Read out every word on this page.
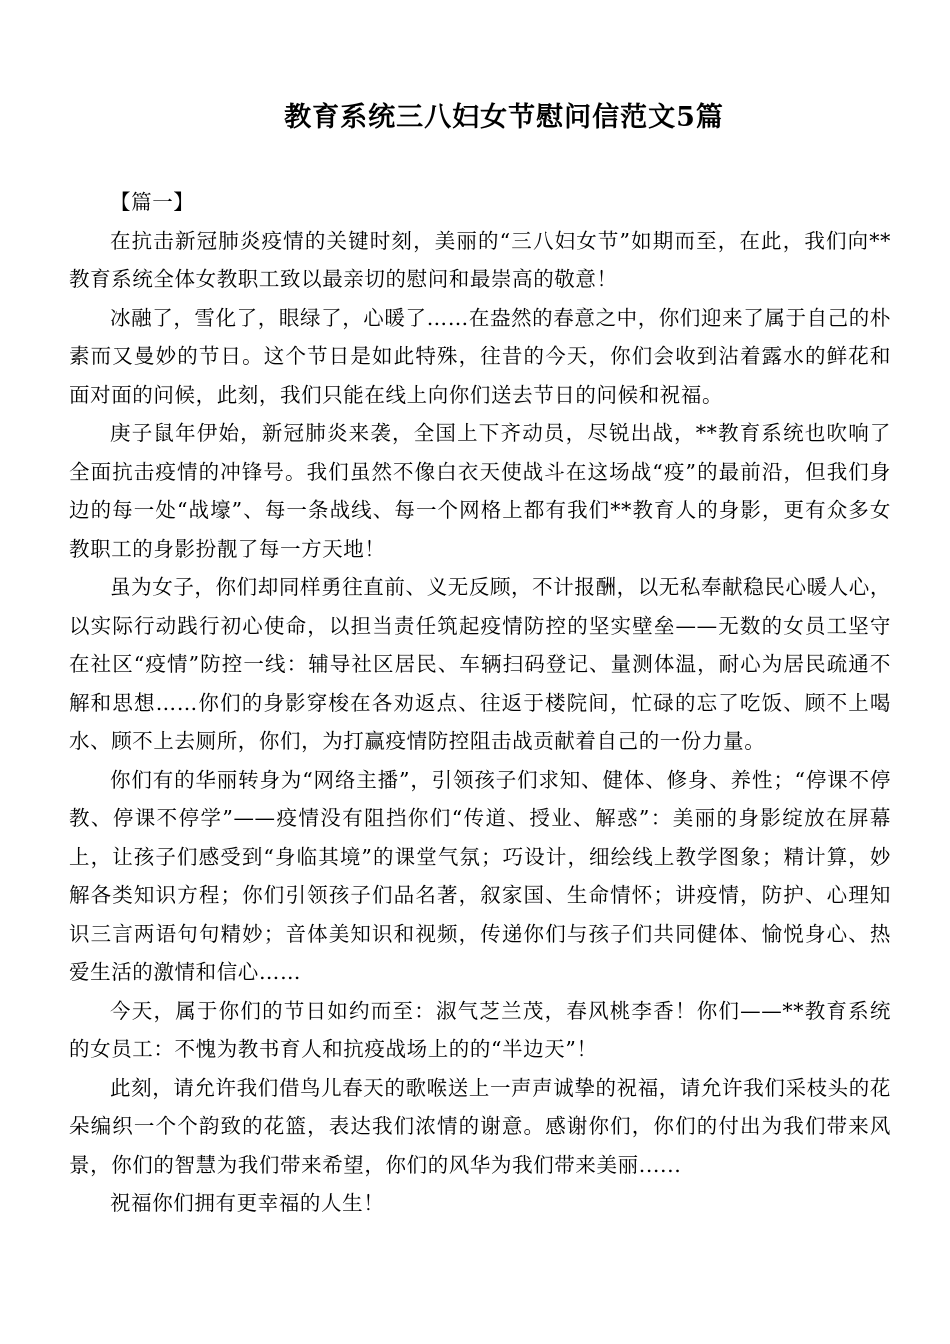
教育系统三八妇女节慰问信范文5篇

【篇一】

在抗击新冠肺炎疫情的关键时刻，美丽的“三八妇女节”如期而至，在此，我们向**教育系统全体女教职工致以最亲切的慰问和最崇高的敬意！

冰融了，雪化了，眼绿了，心暖了……在盎然的春意之中，你们迎来了属于自己的朴素而又曼妙的节日。这个节日是如此特殊，往昔的今天，你们会收到沾着露水的鲜花和面对面的问候，此刻，我们只能在线上向你们送去节日的问候和祝福。

庚子鼠年伊始，新冠肺炎来袭，全国上下齐动员，尽锐出战，**教育系统也吹响了全面抗击疫情的冲锋号。我们虽然不像白衣天使战斗在这场战“疫”的最前沿，但我们身边的每一处“战壕”、每一条战线、每一个网格上都有我们**教育人的身影，更有众多女教职工的身影扮靓了每一方天地！

虽为女子，你们却同样勇往直前、义无反顾，不计报酬，以无私奉献稳民心暖人心，以实际行动践行初心使命，以担当责任筑起疫情防控的坚实壁垒——无数的女员工坚守在社区“疫情”防控一线：辅导社区居民、车辆扫码登记、量测体温，耐心为居民疏通不解和思想……你们的身影穿梭在各劝返点、往返于楼院间，忙碌的忘了吃饭、顾不上喝水、顾不上去厕所，你们，为打赢疫情防控阻击战贡献着自己的一份力量。

你们有的华丽转身为“网络主播”，引领孩子们求知、健体、修身、养性；“停课不停教、停课不停学”——疫情没有阻挡你们“传道、授业、解惑”：美丽的身影绽放在屏幕上，让孩子们感受到“身临其境”的课堂气氛；巧设计，细绘线上教学图象；精计算，妙解各类知识方程；你们引领孩子们品名著，叙家国、生命情怀；讲疫情，防护、心理知识三言两语句句精妙；音体美知识和视频，传递你们与孩子们共同健体、愉悦身心、热爱生活的激情和信心……

今天，属于你们的节日如约而至：淑气芝兰茂，春风桃李香！你们——**教育系统的女员工：不愧为教书育人和抗疫战场上的的“半边天”！

此刻，请允许我们借鸟儿春天的歌喉送上一声声诚挚的祝福，请允许我们采枝头的花朵编织一个个韵致的花篮，表达我们浓情的谢意。感谢你们，你们的付出为我们带来风景，你们的智慧为我们带来希望，你们的风华为我们带来美丽......

祝福你们拥有更幸福的人生！
